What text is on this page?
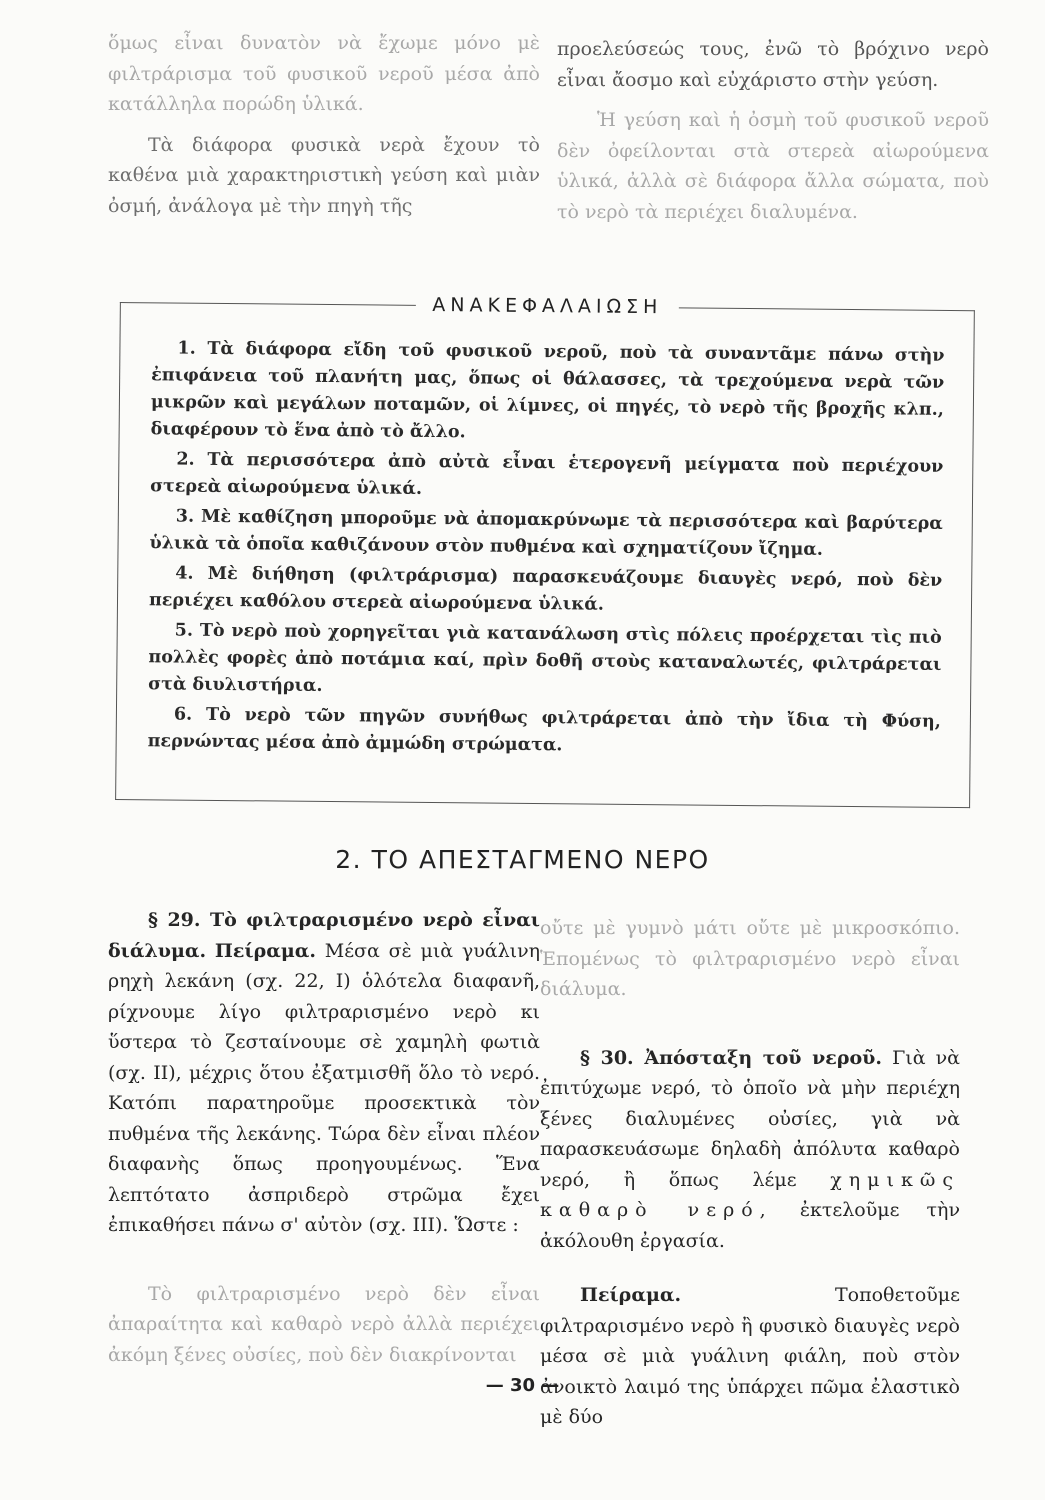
ὅμως εἶναι δυνατὸν νὰ ἔχωμε μόνο μὲ φιλτράρισμα τοῦ φυσικοῦ νεροῦ μέσα ἀπὸ κατάλληλα πορώδη ὑλικά.

Τὰ διάφορα φυσικὰ νερὰ ἔχουν τὸ καθένα μιὰ χαρακτηριστικὴ γεύση καὶ μιὰν ὀσμή, ἀνάλογα μὲ τὴν πηγὴ τῆς

προελεύσεώς τους, ἐνῶ τὸ βρόχινο νερὸ εἶναι ἄοσμο καὶ εὐχάριστο στὴν γεύση.

Ἡ γεύση καὶ ἡ ὀσμὴ τοῦ φυσικοῦ νεροῦ δὲν ὀφείλονται στὰ στερεὰ αἰωρούμενα ὑλικά, ἀλλὰ σὲ διάφορα ἄλλα σώματα, ποὺ τὸ νερὸ τὰ περιέχει διαλυμένα.

ΑΝΑΚΕΦΑΛΑΙΩΣΗ

1. Τὰ διάφορα εἴδη τοῦ φυσικοῦ νεροῦ, ποὺ τὰ συναντᾶμε πάνω στὴν ἐπιφάνεια τοῦ πλανήτη μας, ὅπως οἱ θάλασσες, τὰ τρεχούμενα νερὰ τῶν μικρῶν καὶ μεγάλων ποταμῶν, οἱ λίμνες, οἱ πηγές, τὸ νερὸ τῆς βροχῆς κλπ., διαφέρουν τὸ ἕνα ἀπὸ τὸ ἄλλο.

2. Τὰ περισσότερα ἀπὸ αὐτὰ εἶναι ἑτερογενῆ μείγματα ποὺ περιέχουν στερεὰ αἰωρούμενα ὑλικά.

3. Μὲ καθίζηση μποροῦμε νὰ ἀπομακρύνωμε τὰ περισσότερα καὶ βαρύτερα ὑλικὰ τὰ ὁποῖα καθιζάνουν στὸν πυθμένα καὶ σχηματίζουν ἴζημα.

4. Μὲ διήθηση (φιλτράρισμα) παρασκευάζουμε διαυγὲς νερό, ποὺ δὲν περιέχει καθόλου στερεὰ αἰωρούμενα ὑλικά.

5. Τὸ νερὸ ποὺ χορηγεῖται γιὰ κατανάλωση στὶς πόλεις προέρχεται τὶς πιὸ πολλὲς φορὲς ἀπὸ ποτάμια καί, πρὶν δοθῆ στοὺς καταναλωτές, φιλτράρεται στὰ διυλιστήρια.

6. Τὸ νερὸ τῶν πηγῶν συνήθως φιλτράρεται ἀπὸ τὴν ἴδια τὴ Φύση, περνώντας μέσα ἀπὸ ἀμμώδη στρώματα.

2. ΤΟ ΑΠΕΣΤΑΓΜΕΝΟ ΝΕΡΟ

§ 29. Τὸ φιλτραρισμένο νερὸ εἶναι διάλυμα. Πείραμα. Μέσα σὲ μιὰ γυάλινη ρηχὴ λεκάνη (σχ. 22, Ι) ὁλότελα διαφανῆ, ρίχνουμε λίγο φιλτραρισμένο νερὸ κι ὕστερα τὸ ζεσταίνουμε σὲ χαμηλὴ φωτιὰ (σχ. ΙΙ), μέχρις ὅτου ἐξατμισθῆ ὅλο τὸ νερό. Κατόπι παρατηροῦμε προσεκτικὰ τὸν πυθμένα τῆς λεκάνης. Τώρα δὲν εἶναι πλέον διαφανὴς ὅπως προηγουμένως. Ἕνα λεπτότατο ἀσπριδερὸ στρῶμα ἔχει ἐπικαθήσει πάνω σ' αὐτὸν (σχ. ΙΙΙ). Ὥστε :

Τὸ φιλτραρισμένο νερὸ δὲν εἶναι ἀπαραίτητα καὶ καθαρὸ νερὸ ἀλλὰ περιέχει ἀκόμη ξένες οὐσίες, ποὺ δὲν διακρίνονται

οὔτε μὲ γυμνὸ μάτι οὔτε μὲ μικροσκόπιο. Ἑπομένως τὸ φιλτραρισμένο νερὸ εἶναι διάλυμα.

§ 30. Ἀπόσταξη τοῦ νεροῦ. Γιὰ νὰ ἐπιτύχωμε νερό, τὸ ὁποῖο νὰ μὴν περιέχη ξένες διαλυμένες οὐσίες, γιὰ νὰ παρασκευάσωμε δηλαδὴ ἀπόλυτα καθαρὸ νερό, ἢ ὅπως λέμε χημικῶς καθαρὸ νερό, ἐκτελοῦμε τὴν ἀκόλουθη ἐργασία.

Πείραμα.	Τοποθετοῦμε φιλτραρισμένο νερὸ ἢ φυσικὸ διαυγὲς νερὸ μέσα σὲ μιὰ γυάλινη φιάλη, ποὺ στὸν ἀνοικτὸ λαιμό της ὑπάρχει πῶμα ἐλαστικὸ μὲ δύο

— 30 —
